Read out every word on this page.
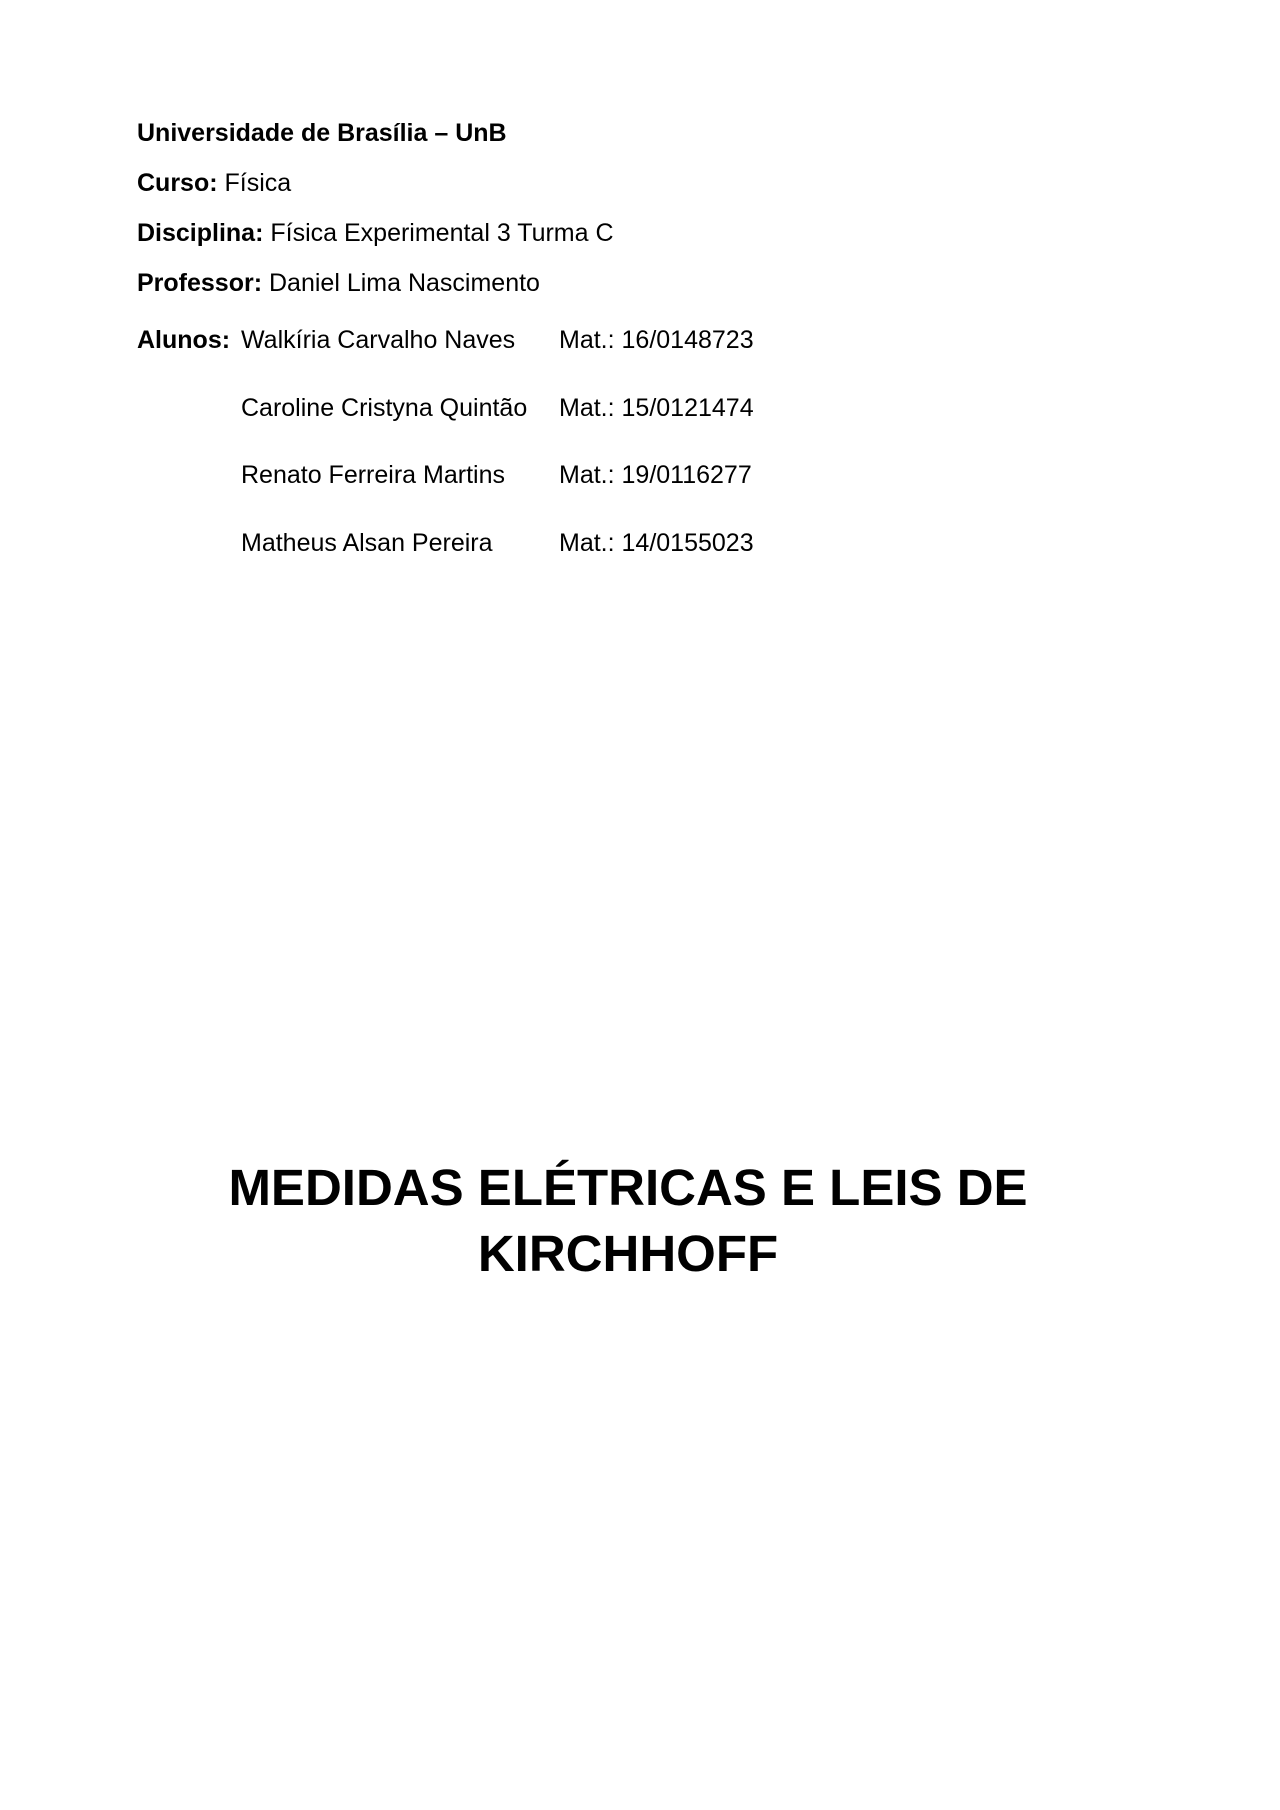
Universidade de Brasília – UnB
Curso: Física
Disciplina: Física Experimental 3 Turma C
Professor: Daniel Lima Nascimento
Alunos: Walkíria Carvalho Naves Mat.: 16/0148723
Caroline Cristyna Quintão Mat.: 15/0121474
Renato Ferreira Martins Mat.: 19/0116277
Matheus Alsan Pereira	Mat.: 14/0155023
MEDIDAS ELÉTRICAS E LEIS DE
KIRCHHOFF
